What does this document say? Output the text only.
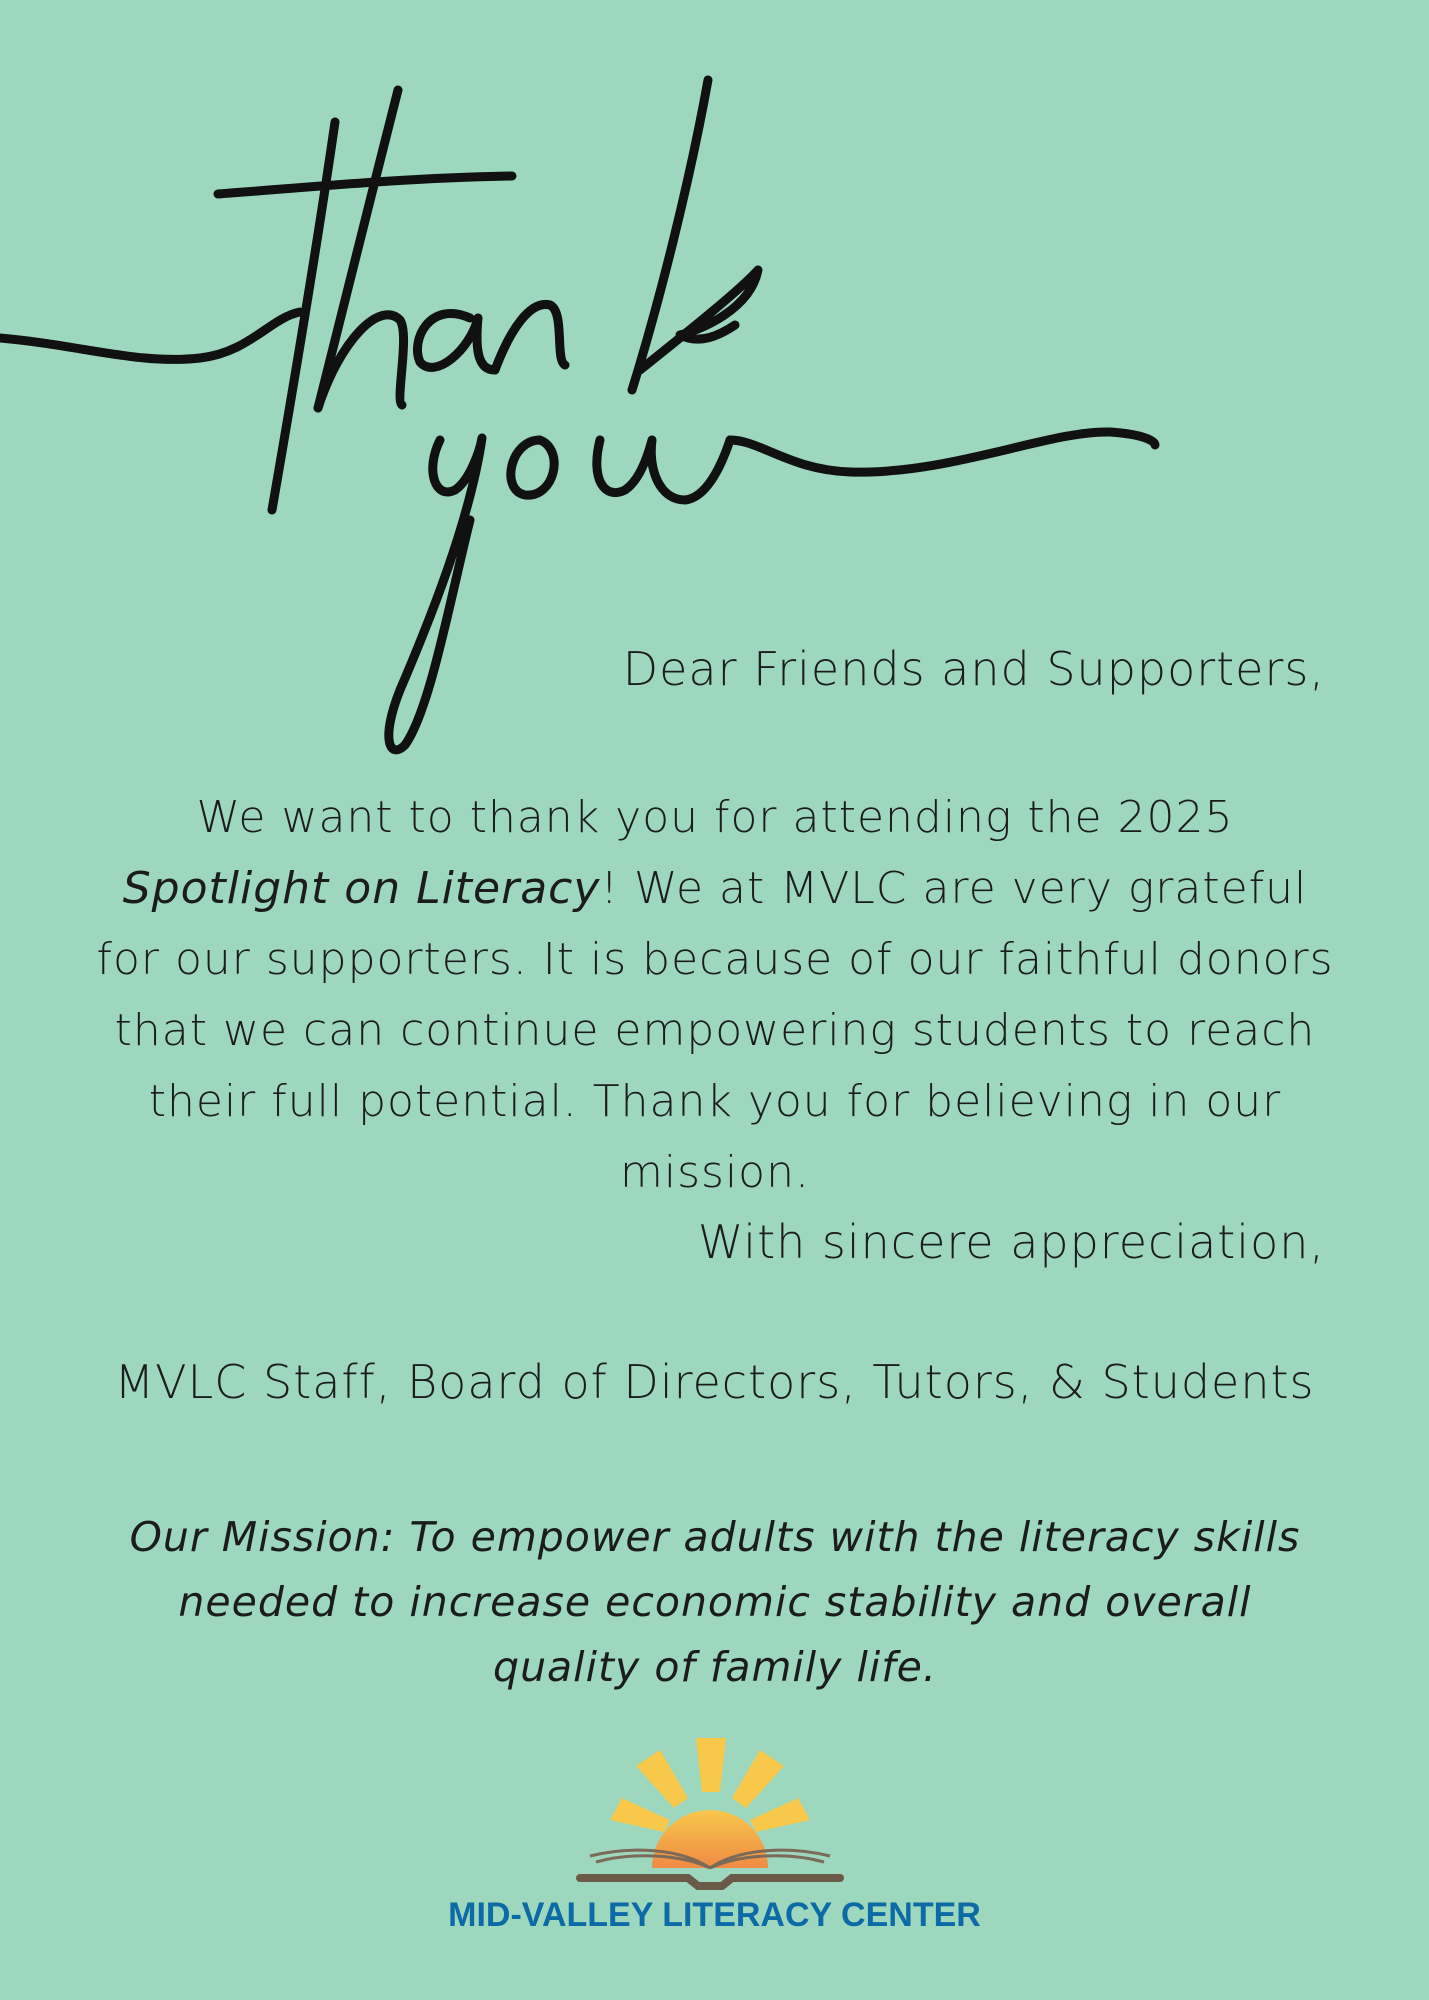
Dear Friends and Supporters,

We want to thank you for attending the 2025 Spotlight on Literacy! We at MVLC are very grateful for our supporters. It is because of our faithful donors that we can continue empowering students to reach their full potential. Thank you for believing in our mission.

With sincere appreciation,

MVLC Staff, Board of Directors, Tutors, & Students

Our Mission: To empower adults with the literacy skills needed to increase economic stability and overall quality of family life.

MID-VALLEY LITERACY CENTER
